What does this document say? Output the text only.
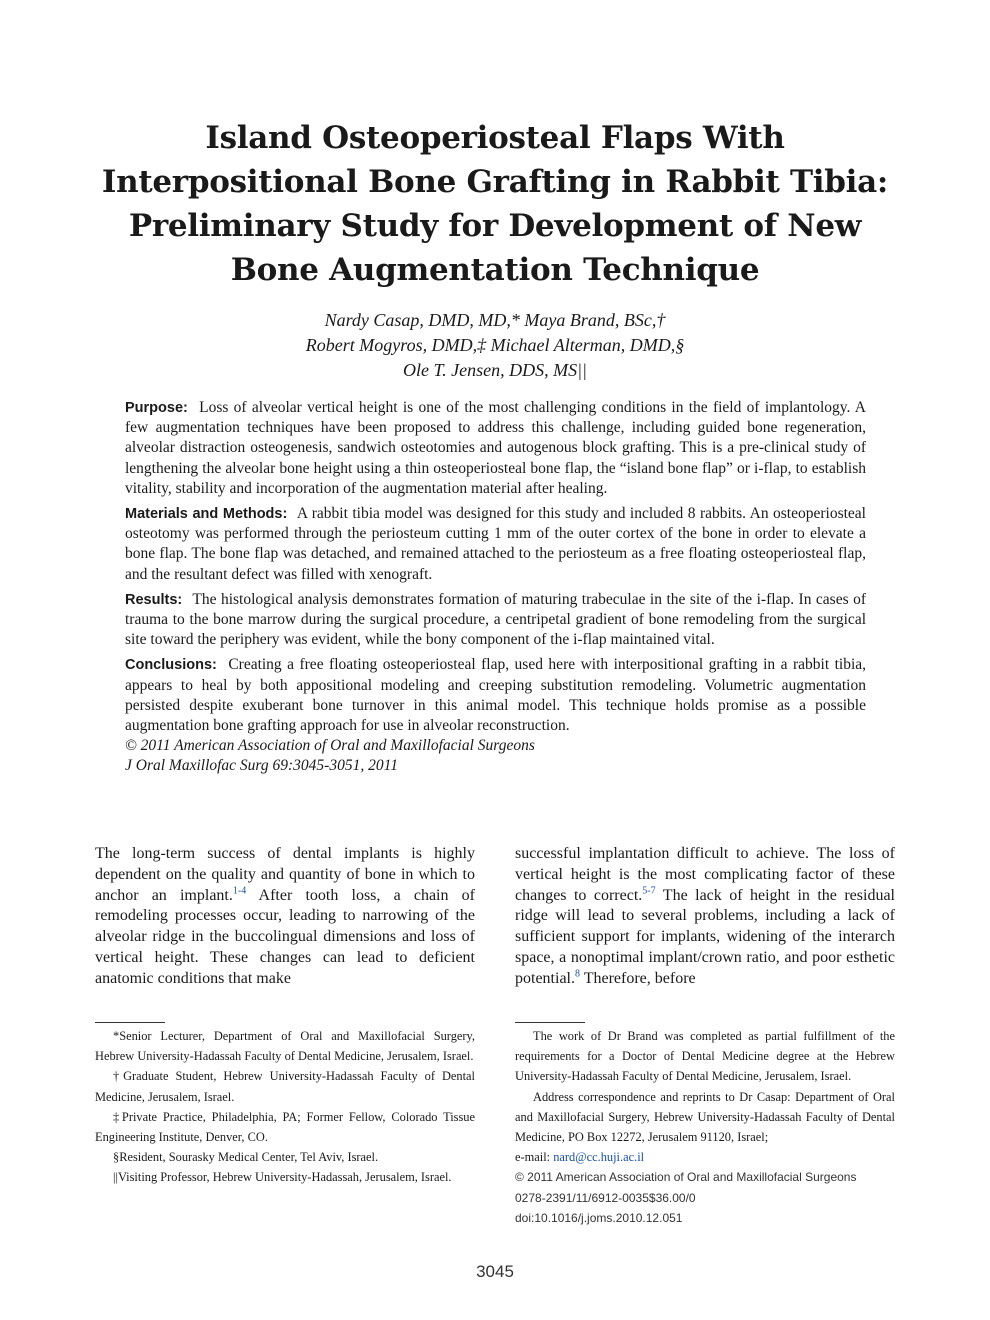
Island Osteoperiosteal Flaps With Interpositional Bone Grafting in Rabbit Tibia: Preliminary Study for Development of New Bone Augmentation Technique
Nardy Casap, DMD, MD,* Maya Brand, BSc,†
Robert Mogyros, DMD,‡ Michael Alterman, DMD,§
Ole T. Jensen, DDS, MS||

Purpose: Loss of alveolar vertical height is one of the most challenging conditions in the field of implantology. A few augmentation techniques have been proposed to address this challenge, including guided bone regeneration, alveolar distraction osteogenesis, sandwich osteotomies and autogenous block grafting. This is a pre-clinical study of lengthening the alveolar bone height using a thin osteoperiosteal bone flap, the “island bone flap” or i-flap, to establish vitality, stability and incorporation of the augmentation material after healing.

Materials and Methods: A rabbit tibia model was designed for this study and included 8 rabbits. An osteoperiosteal osteotomy was performed through the periosteum cutting 1 mm of the outer cortex of the bone in order to elevate a bone flap. The bone flap was detached, and remained attached to the periosteum as a free floating osteoperiosteal flap, and the resultant defect was filled with xenograft.

Results: The histological analysis demonstrates formation of maturing trabeculae in the site of the i-flap. In cases of trauma to the bone marrow during the surgical procedure, a centripetal gradient of bone remodeling from the surgical site toward the periphery was evident, while the bony component of the i-flap maintained vital.

Conclusions: Creating a free floating osteoperiosteal flap, used here with interpositional grafting in a rabbit tibia, appears to heal by both appositional modeling and creeping substitution remodeling. Volumetric augmentation persisted despite exuberant bone turnover in this animal model. This technique holds promise as a possible augmentation bone grafting approach for use in alveolar reconstruction.
© 2011 American Association of Oral and Maxillofacial Surgeons
J Oral Maxillofac Surg 69:3045-3051, 2011

The long-term success of dental implants is highly dependent on the quality and quantity of bone in which to anchor an implant.$^{1-4}$ After tooth loss, a chain of remodeling processes occur, leading to narrowing of the alveolar ridge in the buccolingual dimensions and loss of vertical height. These changes can lead to deficient anatomic conditions that make

successful implantation difficult to achieve. The loss of vertical height is the most complicating factor of these changes to correct.$^{5-7}$ The lack of height in the residual ridge will lead to several problems, including a lack of sufficient support for implants, widening of the interarch space, a nonoptimal implant/crown ratio, and poor esthetic potential.$^8$ Therefore, before

*Senior Lecturer, Department of Oral and Maxillofacial Surgery, Hebrew University-Hadassah Faculty of Dental Medicine, Jerusalem, Israel.

†Graduate Student, Hebrew University-Hadassah Faculty of Dental Medicine, Jerusalem, Israel.

‡Private Practice, Philadelphia, PA; Former Fellow, Colorado Tissue Engineering Institute, Denver, CO.

§Resident, Sourasky Medical Center, Tel Aviv, Israel.

||Visiting Professor, Hebrew University-Hadassah, Jerusalem, Israel.

The work of Dr Brand was completed as partial fulfillment of the requirements for a Doctor of Dental Medicine degree at the Hebrew University-Hadassah Faculty of Dental Medicine, Jerusalem, Israel.

Address correspondence and reprints to Dr Casap: Department of Oral and Maxillofacial Surgery, Hebrew University-Hadassah Faculty of Dental Medicine, PO Box 12272, Jerusalem 91120, Israel;

e-mail: nard@cc.huji.ac.il

© 2011 American Association of Oral and Maxillofacial Surgeons
0278-2391/11/6912-0035$36.00/0
doi:10.1016/j.joms.2010.12.051
3045
